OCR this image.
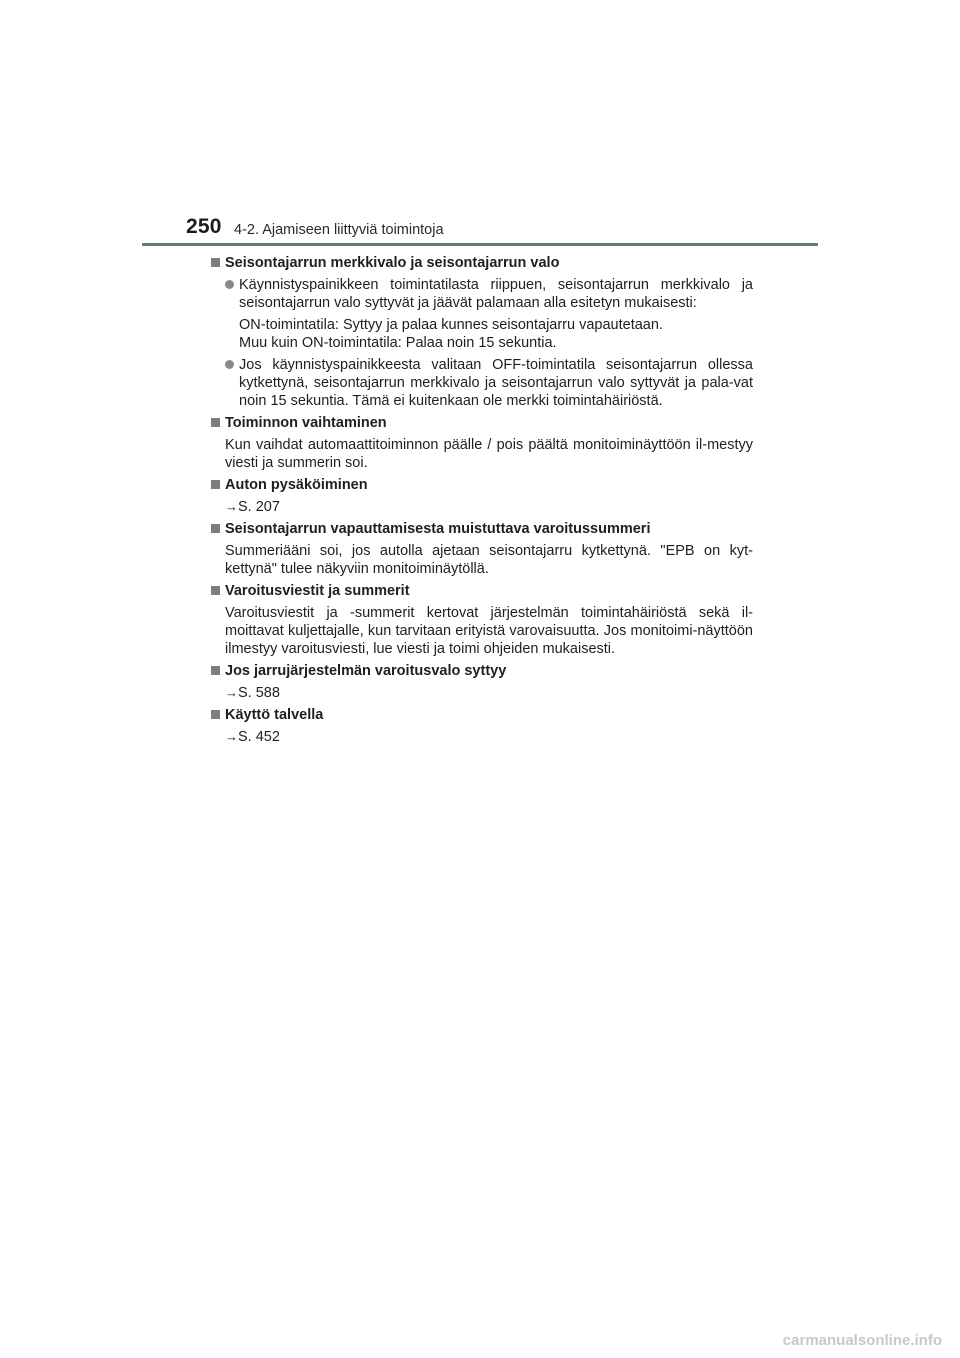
250 4-2. Ajamiseen liittyviä toimintoja
Seisontajarrun merkkivalo ja seisontajarrun valo
Käynnistyspainikkeen toimintatilasta riippuen, seisontajarrun merkkivalo ja seisontajarrun valo syttyvät ja jäävät palamaan alla esitetyn mukaisesti:
ON-toimintatila: Syttyy ja palaa kunnes seisontajarru vapautetaan.
Muu kuin ON-toimintatila: Palaa noin 15 sekuntia.
Jos käynnistyspainikkeesta valitaan OFF-toimintatila seisontajarrun ollessa kytkettynä, seisontajarrun merkkivalo ja seisontajarrun valo syttyvät ja pala-vat noin 15 sekuntia. Tämä ei kuitenkaan ole merkki toimintahäiriöstä.
Toiminnon vaihtaminen

Kun vaihdat automaattitoiminnon päälle / pois päältä monitoiminäyttöön il-mestyy viesti ja summerin soi.

Auton pysäköiminen
→S. 207
Seisontajarrun vapauttamisesta muistuttava varoitussummeri

Summeriääni soi, jos autolla ajetaan seisontajarru kytkettynä. "EPB on kyt-kettynä" tulee näkyviin monitoiminäytöllä.

Varoitusviestit ja summerit

Varoitusviestit ja -summerit kertovat järjestelmän toimintahäiriöstä sekä il-moittavat kuljettajalle, kun tarvitaan erityistä varovaisuutta. Jos monitoimi-näyttöön ilmestyy varoitusviesti, lue viesti ja toimi ohjeiden mukaisesti.

Jos jarrujärjestelmän varoitusvalo syttyy
→S. 588
Käyttö talvella
→S. 452
carmanualsonline.info
